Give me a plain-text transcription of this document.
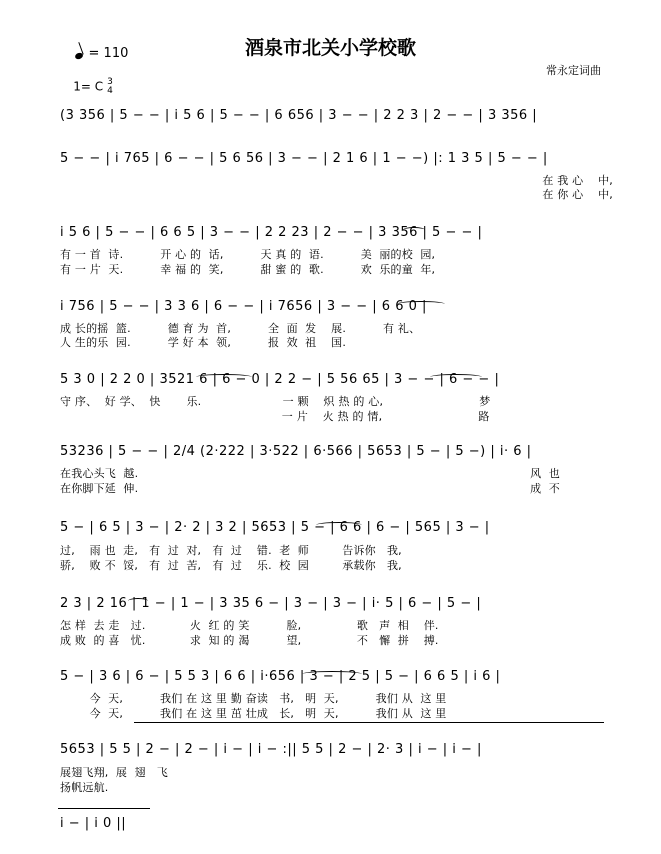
= 110

1= C 3
4

酒泉市北关小学校歌
常永定词曲
(3 356 | 5 − − | i 5 6 | 5 − − | 6 656 | 3 − − | 2 2 3 | 2 − − | 3 356 |
5 − − | i 765 | 6 − − | 5 6 56 | 3 − − | 2 1 6 | 1 − −) |: 1 3 5 | 5 − − |
在 我 心    中,
在 你 心    中,
i 5 6 | 5 − − | 6 6 5 | 3 − − | 2 2 23 | 2 − − | 3 356 | 5 − − |
有 一 首  诗.          开 心 的  话,          天 真 的  语.          美  丽的校  园,
有 一 片  天.          幸 福 的  笑,          甜 蜜 的  歌.          欢  乐的童  年,
i 756 | 5 − − | 3 3 6 | 6 − − | i 7656 | 3 − − | 6 6 0 |
成 长的摇  篮.          德 育 为  首,          全  面  发    展.          有 礼、
人 生的乐  园.          学 好 本  领,          报  效  祖    国.
5 3 0 | 2 2 0 | 3521 6 | 6 − 0 | 2 2 − | 5 56 65 | 3 − − | 6 − − |
守 序、  好 学、  快       乐.                      一 颗    炽 热 的 心,                          梦
一 片    火 热 的 情,                          路
53236 | 5 − − | 2/4 (2·222 | 3·522 | 6·566 | 5653 | 5 − | 5 −) | i· 6 |
在我心头飞  越.                                                                                                          风  也
在你脚下延  伸.                                                                                                          成  不
5 − | 6 5 | 3 − | 2· 2 | 3 2 | 5653 | 5 − | 6 6 | 6 − | 565 | 3 − |
过,    雨 也  走,   有  过  对,   有  过    错.  老  师         告诉你   我,
骄,    败 不  馁,   有  过  苦,   有  过    乐.  校  园         承载你   我,
2 3 | 2 16 | 1 − | 1 − | 3 35 6 − | 3 − | 3 − | i· 5 | 6 − | 5 − |
怎 样  去 走   过.            火  红 的 笑          脸,               歌   声  相    伴.
成 败  的 喜   忧.            求  知 的 渴          望,               不   懈  拼    搏.
5 − | 3 6 | 6 − | 5 5 3 | 6 6 | i·656 | 3 − | 2 5 | 5 − | 6 6 5 | i 6 |
今  天,          我们 在 这 里 勤 奋读   书,   明  天,          我们 从  这 里
今  天,          我们 在 这 里 茁 壮成   长,   明  天,          我们 从  这 里
5653 | 5 5 | 2 − | 2 − | i − | i − :|| 5 5 | 2 − | 2· 3 | i − | i − |
展翅飞翔,  展  翅   飞
扬帆远航.
i − | i 0 ||
